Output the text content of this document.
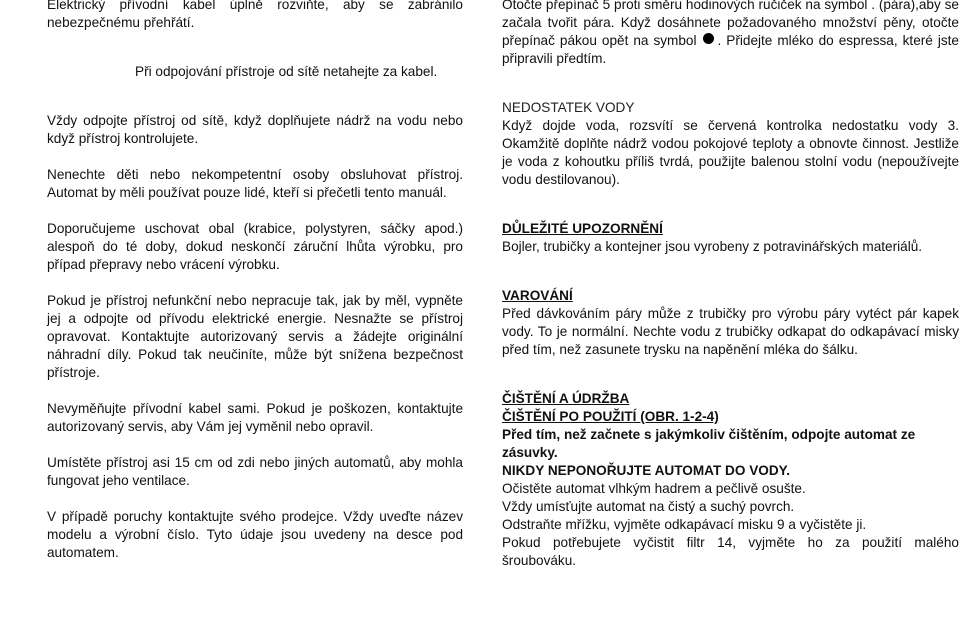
Elektrický přívodní kabel úplně rozviňte, aby se zabránilo nebezpečnému přehřátí.

Při odpojování přístroje od sítě netahejte za kabel.

Vždy odpojte přístroj od sítě, když doplňujete nádrž na vodu nebo když přístroj kontrolujete.

Nenechte děti nebo nekompetentní osoby obsluhovat přístroj. Automat by měli používat pouze lidé, kteří si přečetli tento manuál.

Doporučujeme uschovat obal (krabice, polystyren, sáčky apod.) alespoň do té doby, dokud neskončí záruční lhůta výrobku, pro případ přepravy nebo vrácení výrobku.

Pokud je přístroj nefunkční nebo nepracuje tak, jak by měl, vypněte jej a odpojte od přívodu elektrické energie. Nesnažte se přístroj opravovat. Kontaktujte autorizovaný servis a žádejte originální náhradní díly. Pokud tak neučiníte, může být snížena bezpečnost přístroje.

Nevyměňujte přívodní kabel sami. Pokud je poškozen, kontaktujte autorizovaný servis, aby Vám jej vyměnil nebo opravil.

Umístěte přístroj asi 15 cm od zdi nebo jiných automatů, aby mohla fungovat jeho ventilace.

V případě poruchy kontaktujte svého prodejce. Vždy uveďte název modelu a výrobní číslo. Tyto údaje jsou uvedeny na desce pod automatem.

Otočte přepínač 5 proti směru hodinových ručiček na symbol . (pára),aby se začala tvořit pára. Když dosáhnete požadovaného množství pěny, otočte přepínač pákou opět na symbol . Přidejte mléko do espressa, které jste připravili předtím.

NEDOSTATEK VODY

Když dojde voda, rozsvítí se červená kontrolka nedostatku vody 3. Okamžitě doplňte nádrž vodou pokojové teploty a obnovte činnost. Jestliže je voda z kohoutku příliš tvrdá, použijte balenou stolní vodu (nepoužívejte vodu destilovanou).

DŮLEŽITÉ UPOZORNĚNÍ

Bojler, trubičky a kontejner jsou vyrobeny z potravinářských materiálů.

VAROVÁNÍ

Před dávkováním páry může z trubičky pro výrobu páry vytéct pár kapek vody. To je normální. Nechte vodu z trubičky odkapat do odkapávací misky před tím, než zasunete trysku na napěnění mléka do šálku.

ČIŠTĚNÍ A ÚDRŽBA

ČIŠTĚNÍ PO POUŽITÍ (OBR. 1-2-4)

Před tím, než začnete s jakýmkoliv čištěním, odpojte automat ze zásuvky.

NIKDY NEPONOŘUJTE AUTOMAT DO VODY.

Očistěte automat vlhkým hadrem a pečlivě osušte.

Vždy umísťujte automat na čistý a suchý povrch.

Odstraňte mřížku, vyjměte odkapávací misku 9 a vyčistěte ji.

Pokud potřebujete vyčistit filtr 14, vyjměte ho za použití malého šroubováku.
